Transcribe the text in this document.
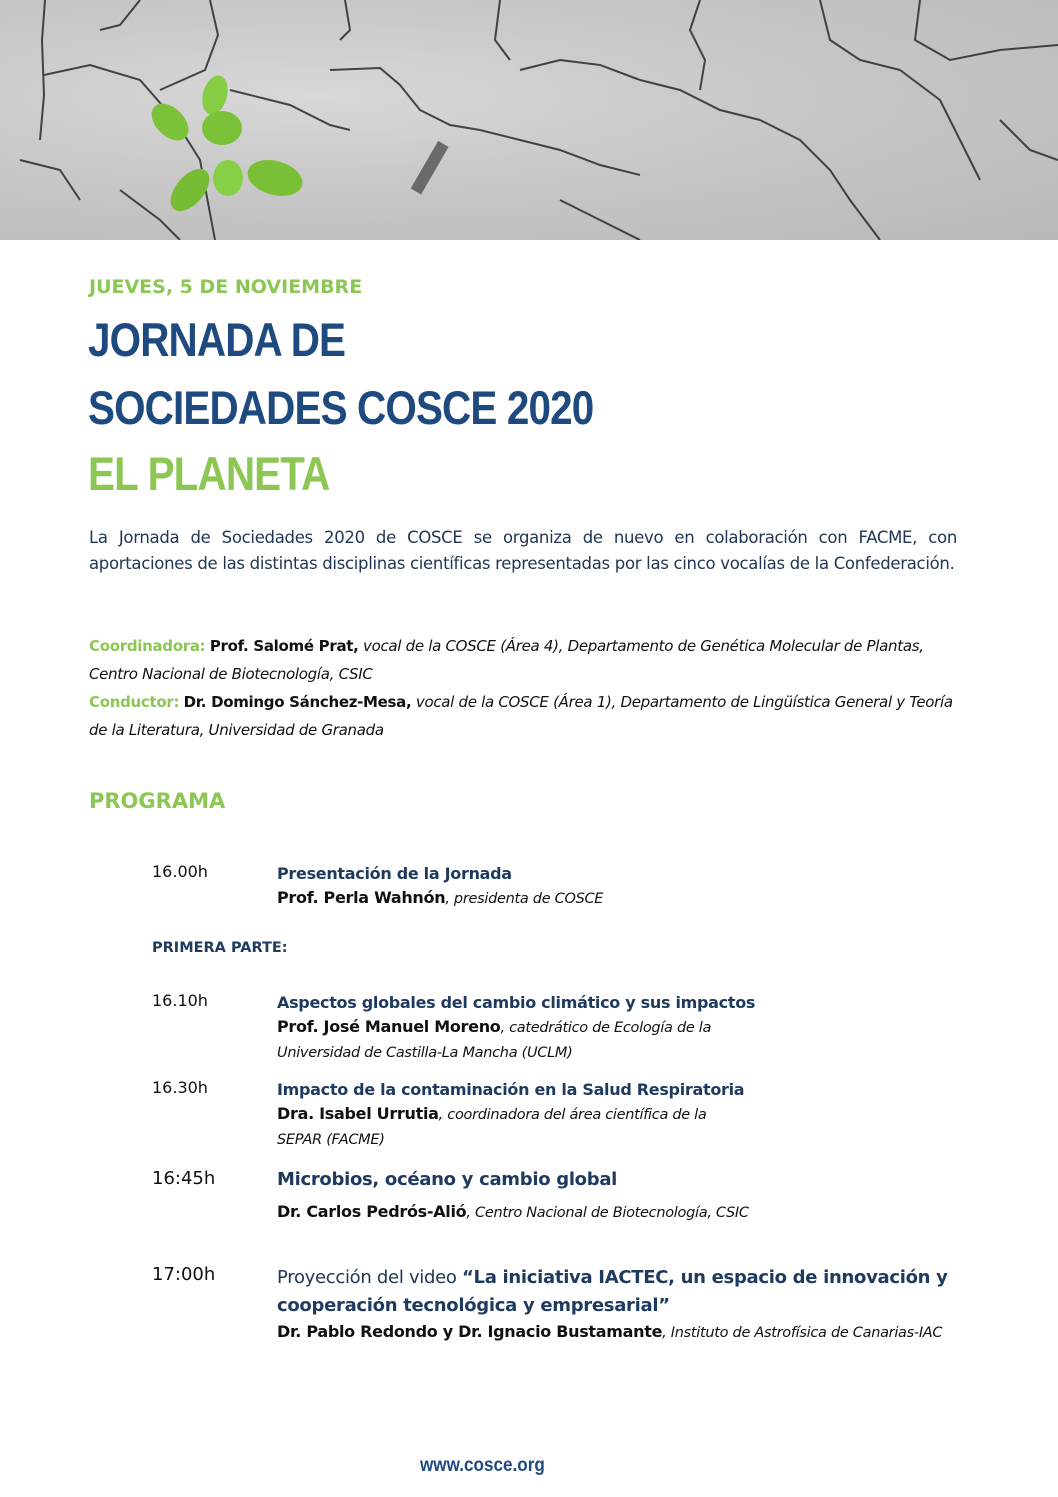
JUEVES, 5 DE NOVIEMBRE
JORNADA DE
SOCIEDADES COSCE 2020
EL PLANETA
La Jornada de Sociedades 2020 de COSCE se organiza de nuevo en colaboración con FACME, con aportaciones de las distintas disciplinas científicas representadas por las cinco vocalías de la Confederación.
Coordinadora: Prof. Salomé Prat, vocal de la COSCE (Área 4), Departamento de Genética Molecular de Plantas, Centro Nacional de Biotecnología, CSIC
Conductor: Dr. Domingo Sánchez-Mesa, vocal de la COSCE (Área 1), Departamento de Lingüística General y Teoría de la Literatura, Universidad de Granada
PROGRAMA
16.00h	Presentación de la Jornada
Prof. Perla Wahnón, presidenta de COSCE
PRIMERA PARTE:
16.10h	Aspectos globales del cambio climático y sus impactos
Prof. José Manuel Moreno, catedrático de Ecología de la Universidad de Castilla-La Mancha (UCLM)
16.30h	Impacto de la contaminación en la Salud Respiratoria
Dra. Isabel Urrutia, coordinadora del área científica de la SEPAR (FACME)
16:45h	Microbios, océano y cambio global
Dr. Carlos Pedrós-Alió, Centro Nacional de Biotecnología, CSIC
17:00h	Proyección del video “La iniciativa IACTEC, un espacio de innovación y cooperación tecnológica y empresarial”
Dr. Pablo Redondo y Dr. Ignacio Bustamante, Instituto de Astrofísica de Canarias-IAC
www.cosce.org
